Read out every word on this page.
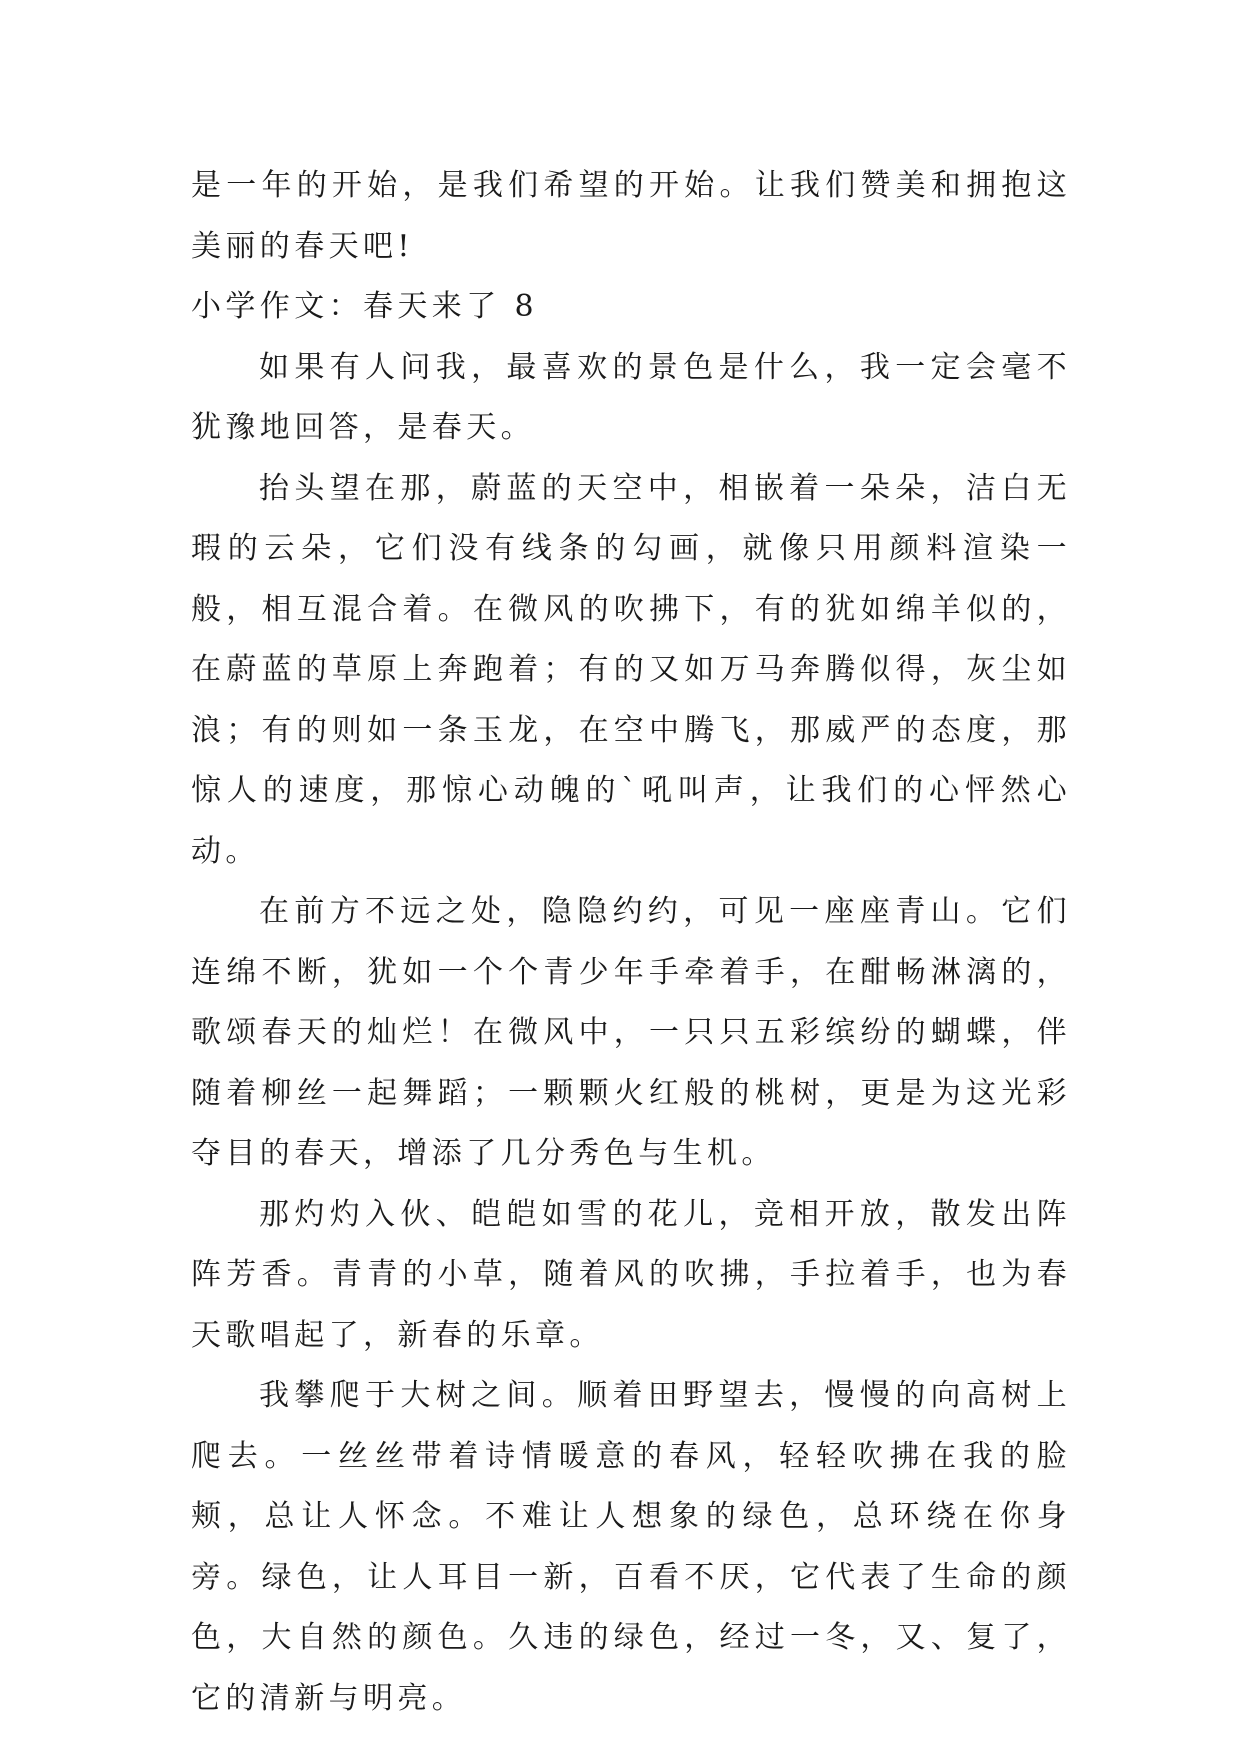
是一年的开始，是我们希望的开始。让我们赞美和拥抱这美丽的春天吧!

小学作文：春天来了 8

如果有人问我，最喜欢的景色是什么，我一定会毫不犹豫地回答，是春天。

抬头望在那，蔚蓝的天空中，相嵌着一朵朵，洁白无瑕的云朵，它们没有线条的勾画，就像只用颜料渲染一般，相互混合着。在微风的吹拂下，有的犹如绵羊似的，在蔚蓝的草原上奔跑着；有的又如万马奔腾似得，灰尘如浪；有的则如一条玉龙，在空中腾飞，那威严的态度，那惊人的速度，那惊心动魄的`吼叫声，让我们的心怦然心动。

在前方不远之处，隐隐约约，可见一座座青山。它们连绵不断，犹如一个个青少年手牵着手，在酣畅淋漓的，歌颂春天的灿烂！在微风中，一只只五彩缤纷的蝴蝶，伴随着柳丝一起舞蹈；一颗颗火红般的桃树，更是为这光彩夺目的春天，增添了几分秀色与生机。

那灼灼入伙、皑皑如雪的花儿，竞相开放，散发出阵阵芳香。青青的小草，随着风的吹拂，手拉着手，也为春天歌唱起了，新春的乐章。

我攀爬于大树之间。顺着田野望去，慢慢的向高树上爬去。一丝丝带着诗情暖意的春风，轻轻吹拂在我的脸颊，总让人怀念。不难让人想象的绿色，总环绕在你身旁。绿色，让人耳目一新，百看不厌，它代表了生命的颜色，大自然的颜色。久违的绿色，经过一冬，又、复了，它的清新与明亮。
